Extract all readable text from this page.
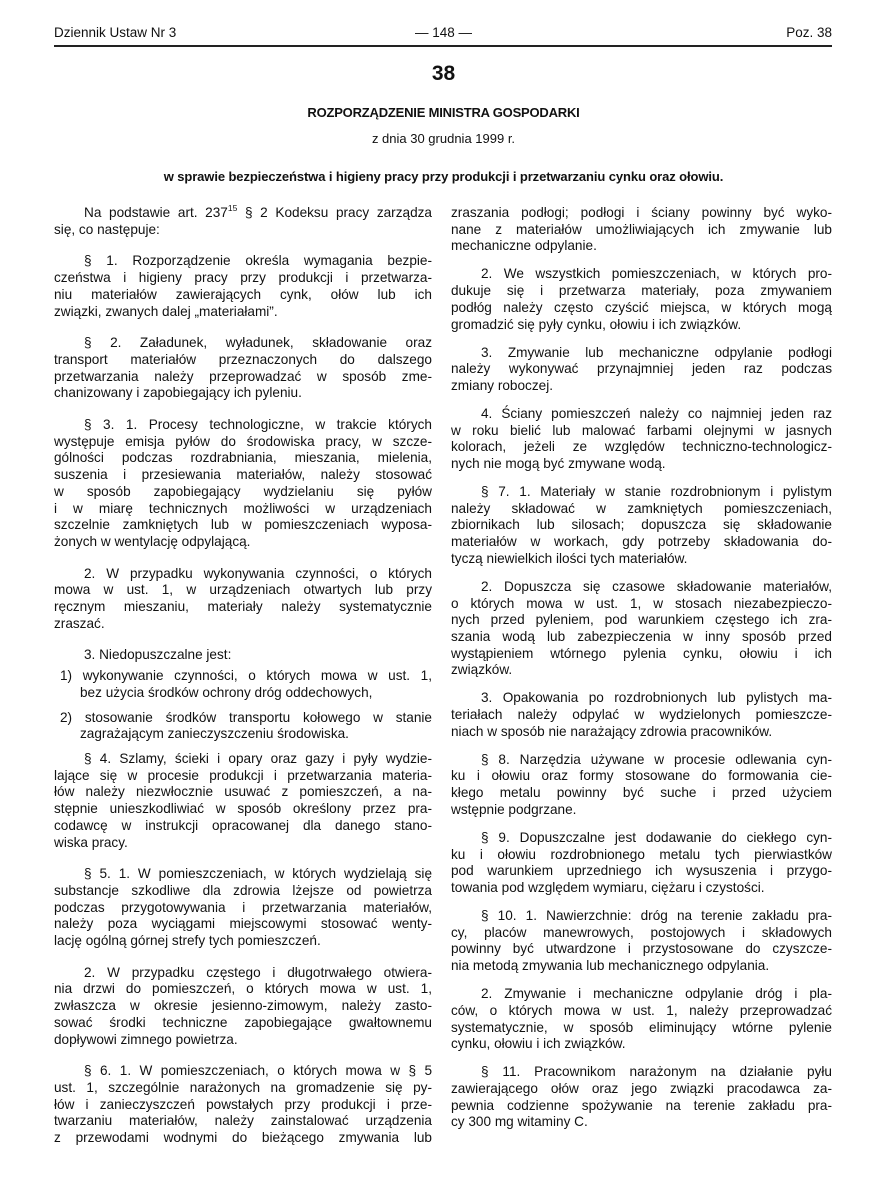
Dziennik Ustaw Nr 3	— 148 —	Poz. 38
38
ROZPORZĄDZENIE MINISTRA GOSPODARKI
z dnia 30 grudnia 1999 r.
w sprawie bezpieczeństwa i higieny pracy przy produkcji i przetwarzaniu cynku oraz ołowiu.
Na podstawie art. $237^{15}$ § 2 Kodeksu pracy zarządza
się, co następuje:
§ 1. Rozporządzenie określa wymagania bezpie-
czeństwa i higieny pracy przy produkcji i przetwarza-
niu materiałów zawierających cynk, ołów lub ich
związki, zwanych dalej „materiałami”.
§ 2. Załadunek, wyładunek, składowanie oraz
transport materiałów przeznaczonych do dalszego
przetwarzania należy przeprowadzać w sposób zme-
chanizowany i zapobiegający ich pyleniu.
§ 3. 1. Procesy technologiczne, w trakcie których
występuje emisja pyłów do środowiska pracy, w szcze-
gólności podczas rozdrabniania, mieszania, mielenia,
suszenia i przesiewania materiałów, należy stosować
w sposób zapobiegający wydzielaniu się pyłów
i w miarę technicznych możliwości w urządzeniach
szczelnie zamkniętych lub w pomieszczeniach wyposa-
żonych w wentylację odpylającą.
2. W przypadku wykonywania czynności, o których
mowa w ust. 1, w urządzeniach otwartych lub przy
ręcznym mieszaniu, materiały należy systematycznie
zraszać.
3. Niedopuszczalne jest:
1) wykonywanie czynności, o których mowa w ust. 1,
bez użycia środków ochrony dróg oddechowych,
2) stosowanie środków transportu kołowego w stanie
zagrażającym zanieczyszczeniu środowiska.
§ 4. Szlamy, ścieki i opary oraz gazy i pyły wydzie-
lające się w procesie produkcji i przetwarzania materia-
łów należy niezwłocznie usuwać z pomieszczeń, a na-
stępnie unieszkodliwiać w sposób określony przez pra-
codawcę w instrukcji opracowanej dla danego stano-
wiska pracy.
§ 5. 1. W pomieszczeniach, w których wydzielają się
substancje szkodliwe dla zdrowia lżejsze od powietrza
podczas przygotowywania i przetwarzania materiałów,
należy poza wyciągami miejscowymi stosować wenty-
lację ogólną górnej strefy tych pomieszczeń.
2. W przypadku częstego i długotrwałego otwiera-
nia drzwi do pomieszczeń, o których mowa w ust. 1,
zwłaszcza w okresie jesienno-zimowym, należy zasto-
sować środki techniczne zapobiegające gwałtownemu
dopływowi zimnego powietrza.
§ 6. 1. W pomieszczeniach, o których mowa w § 5
ust. 1, szczególnie narażonych na gromadzenie się py-
łów i zanieczyszczeń powstałych przy produkcji i prze-
twarzaniu materiałów, należy zainstalować urządzenia
z przewodami wodnymi do bieżącego zmywania lub
zraszania podłogi; podłogi i ściany powinny być wyko-
nane z materiałów umożliwiających ich zmywanie lub
mechaniczne odpylanie.
2. We wszystkich pomieszczeniach, w których pro-
dukuje się i przetwarza materiały, poza zmywaniem
podłóg należy często czyścić miejsca, w których mogą
gromadzić się pyły cynku, ołowiu i ich związków.
3. Zmywanie lub mechaniczne odpylanie podłogi
należy wykonywać przynajmniej jeden raz podczas
zmiany roboczej.
4. Ściany pomieszczeń należy co najmniej jeden raz
w roku bielić lub malować farbami olejnymi w jasnych
kolorach, jeżeli ze względów techniczno-technologicz-
nych nie mogą być zmywane wodą.
§ 7. 1. Materiały w stanie rozdrobnionym i pylistym
należy składować w zamkniętych pomieszczeniach,
zbiornikach lub silosach; dopuszcza się składowanie
materiałów w workach, gdy potrzeby składowania do-
tyczą niewielkich ilości tych materiałów.
2. Dopuszcza się czasowe składowanie materiałów,
o których mowa w ust. 1, w stosach niezabezpieczo-
nych przed pyleniem, pod warunkiem częstego ich zra-
szania wodą lub zabezpieczenia w inny sposób przed
wystąpieniem wtórnego pylenia cynku, ołowiu i ich
związków.
3. Opakowania po rozdrobnionych lub pylistych ma-
teriałach należy odpylać w wydzielonych pomieszcze-
niach w sposób nie narażający zdrowia pracowników.
§ 8. Narzędzia używane w procesie odlewania cyn-
ku i ołowiu oraz formy stosowane do formowania cie-
kłego metalu powinny być suche i przed użyciem
wstępnie podgrzane.
§ 9. Dopuszczalne jest dodawanie do ciekłego cyn-
ku i ołowiu rozdrobnionego metalu tych pierwiastków
pod warunkiem uprzedniego ich wysuszenia i przygo-
towania pod względem wymiaru, ciężaru i czystości.
§ 10. 1. Nawierzchnie: dróg na terenie zakładu pra-
cy, placów manewrowych, postojowych i składowych
powinny być utwardzone i przystosowane do czyszcze-
nia metodą zmywania lub mechanicznego odpylania.
2. Zmywanie i mechaniczne odpylanie dróg i pla-
ców, o których mowa w ust. 1, należy przeprowadzać
systematycznie, w sposób eliminujący wtórne pylenie
cynku, ołowiu i ich związków.
§ 11. Pracownikom narażonym na działanie pyłu
zawierającego ołów oraz jego związki pracodawca za-
pewnia codzienne spożywanie na terenie zakładu pra-
cy 300 mg witaminy C.
